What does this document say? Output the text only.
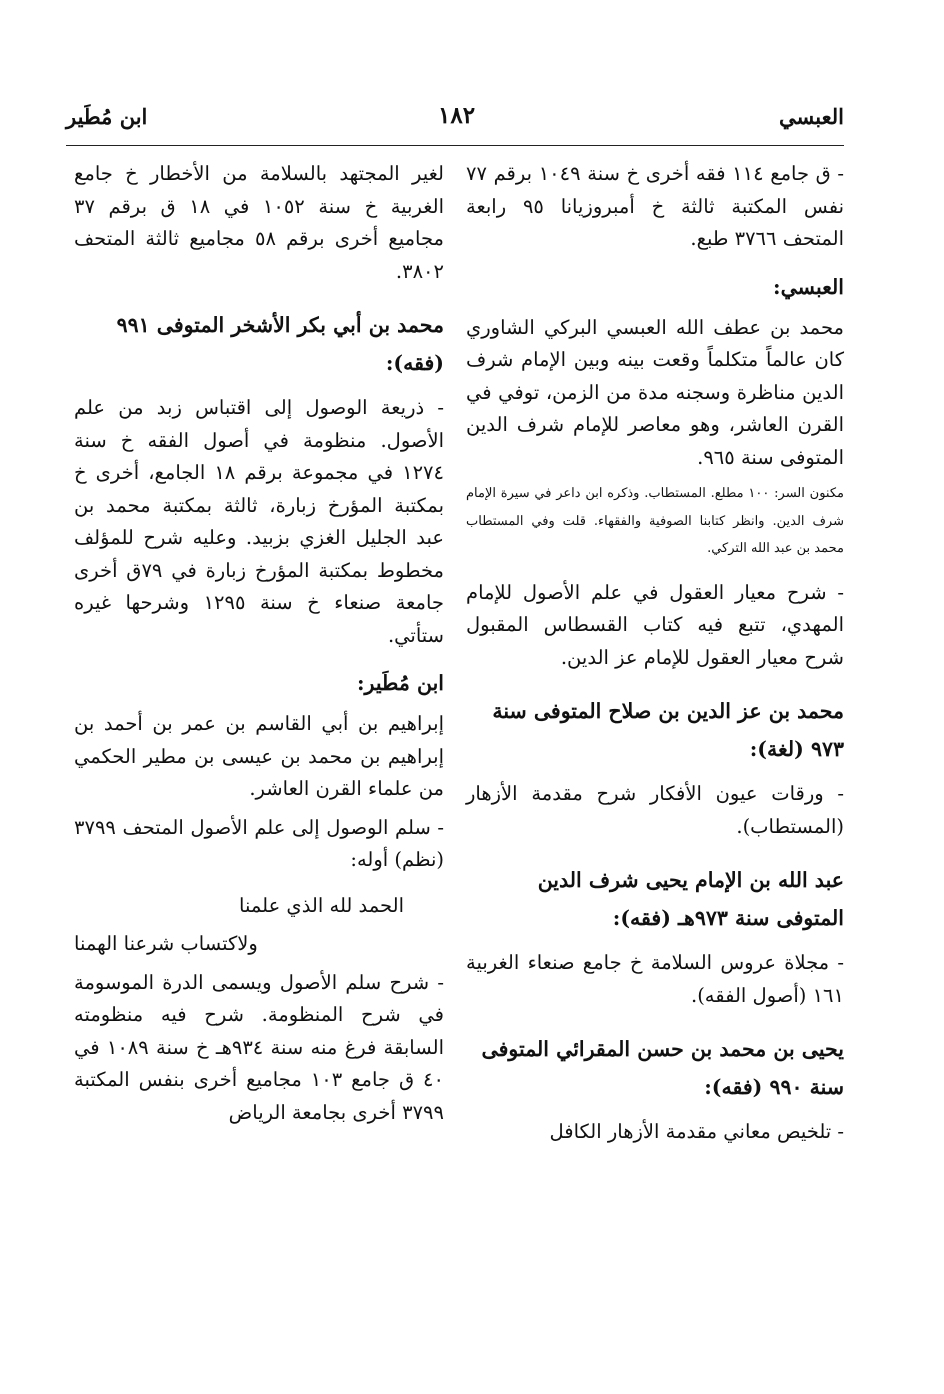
العبسي
١٨٢
ابن مُطَير

- ق جامع ١١٤ فقه أخرى خ سنة ١٠٤٩ برقم ٧٧ نفس المكتبة ثالثة خ أمبروزيانا ٩٥ رابعة المتحف ٣٧٦٦ طبع.

العبسي:

محمد بن عطف الله العبسي البركي الشاوري كان عالماً متكلماً وقعت بينه وبين الإمام شرف الدين مناظرة وسجنه مدة من الزمن، توفي في القرن العاشر، وهو معاصر للإمام شرف الدين المتوفى سنة ٩٦٥.

مكنون السر: ١٠٠ مطلع. المستطاب. وذكره ابن داعر في سيرة الإمام شرف الدين. وانظر كتابنا الصوفية والفقهاء. قلت وفي المستطاب محمد بن عبد الله التركي.

- شرح معيار العقول في علم الأصول للإمام المهدي، تتبع فيه كتاب القسطاس المقبول شرح معيار العقول للإمام عز الدين.

محمد بن عز الدين بن صلاح المتوفى سنة ٩٧٣ (لغة):

- ورقات عيون الأفكار شرح مقدمة الأزهار (المستطاب).

عبد الله بن الإمام يحيى شرف الدين المتوفى سنة ٩٧٣هـ (فقه):

- مجلاة عروس السلامة خ جامع صنعاء الغربية ١٦١ (أصول الفقه).

يحيى بن محمد بن حسن المقرائي المتوفى سنة ٩٩٠ (فقه):

- تلخيص معاني مقدمة الأزهار الكافل

لغير المجتهد بالسلامة من الأخطار خ جامع الغربية خ سنة ١٠٥٢ في ١٨ ق برقم ٣٧ مجاميع أخرى برقم ٥٨ مجاميع ثالثة المتحف ٣٨٠٢.

محمد بن أبي بكر الأشخر المتوفى ٩٩١ (فقه):

- ذريعة الوصول إلى اقتباس زبد من علم الأصول. منظومة في أصول الفقه خ سنة ١٢٧٤ في مجموعة برقم ١٨ الجامع، أخرى خ بمكتبة المؤرخ زبارة، ثالثة بمكتبة محمد بن عبد الجليل الغزي بزبيد. وعليه شرح للمؤلف مخطوط بمكتبة المؤرخ زبارة في ٧٩ق أخرى جامعة صنعاء خ سنة ١٢٩٥ وشرحها غيره ستأتي.

ابن مُطَير:

إبراهيم بن أبي القاسم بن عمر بن أحمد بن إبراهيم بن محمد بن عيسى بن مطير الحكمي من علماء القرن العاشر.

- سلم الوصول إلى علم الأصول المتحف ٣٧٩٩ (نظم) أوله:

الحمد لله الذي علمنا
ولاكتساب شرعنا الهمنا

- شرح سلم الأصول ويسمى الدرة الموسومة في شرح المنظومة. شرح فيه منظومته السابقة فرغ منه سنة ٩٣٤هـ خ سنة ١٠٨٩ في ٤٠ ق جامع ١٠٣ مجاميع أخرى بنفس المكتبة ٣٧٩٩ أخرى بجامعة الرياض
